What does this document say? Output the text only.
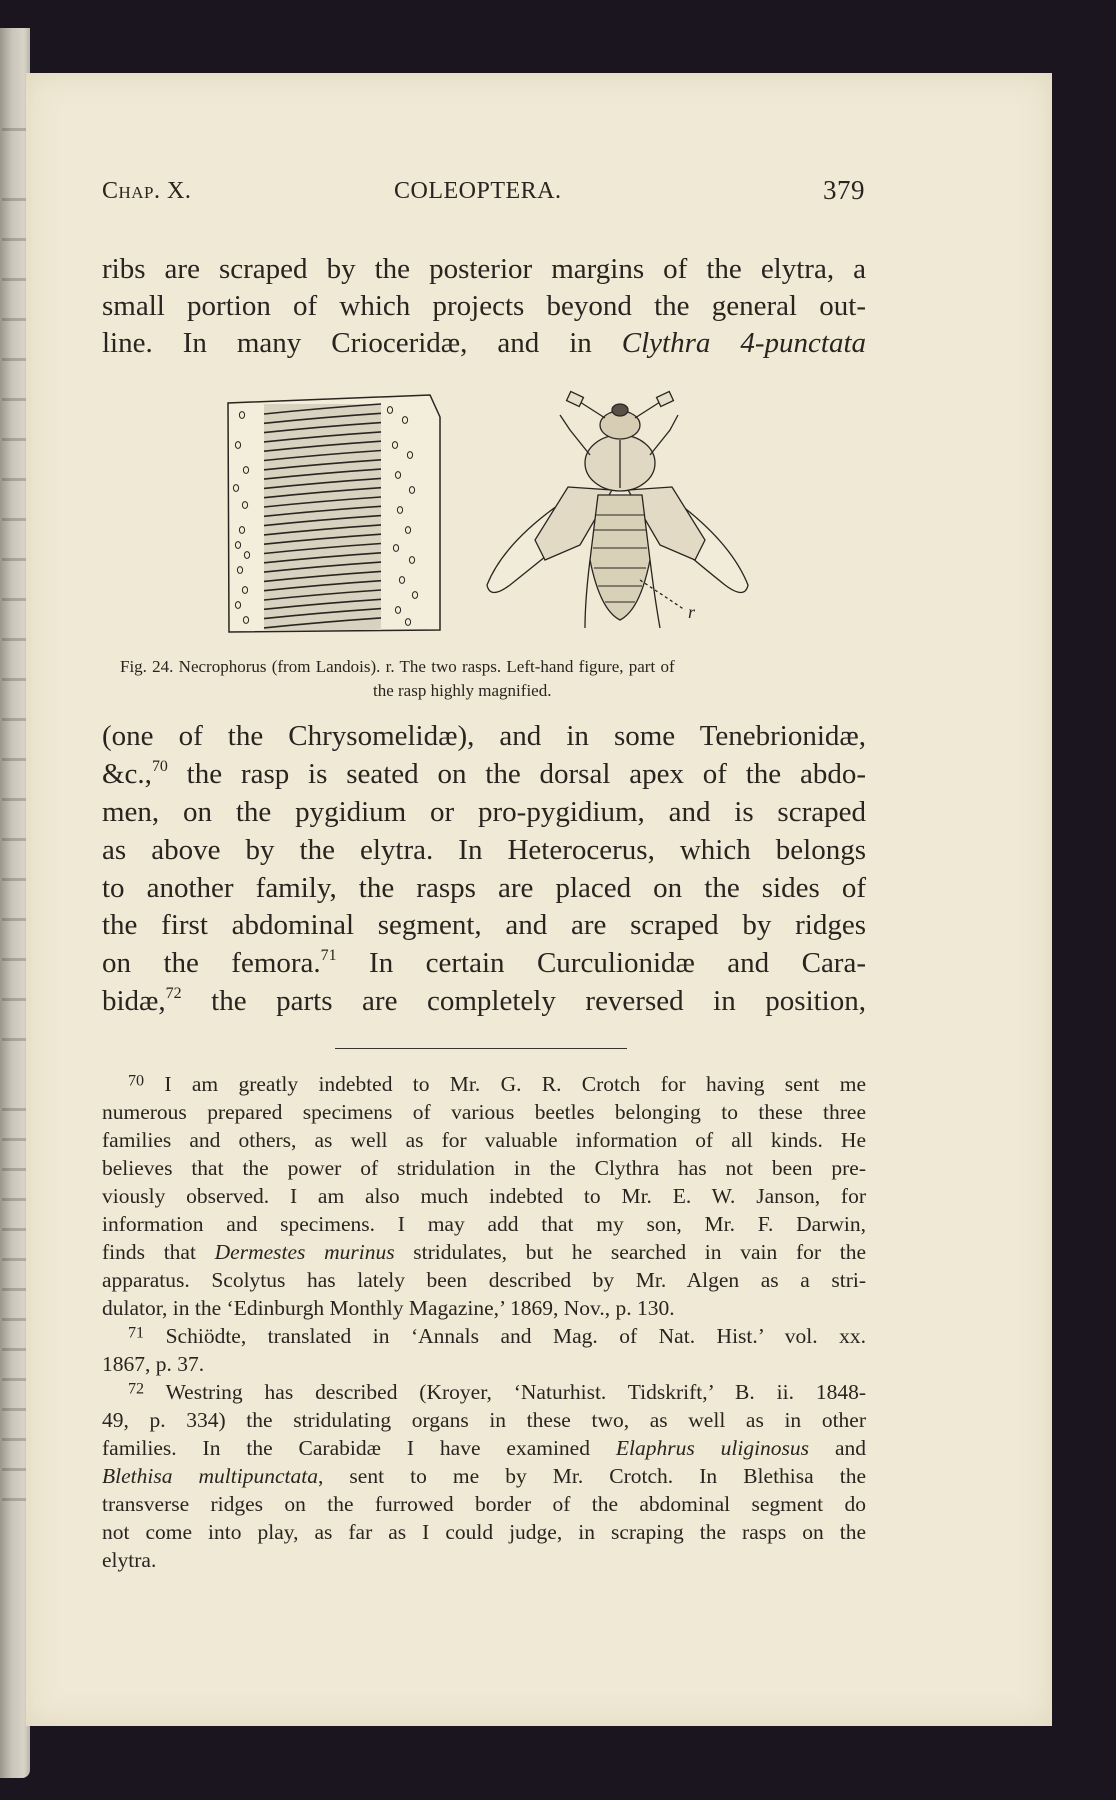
Chap. X.	COLEOPTERA.	379
ribs are scraped by the posterior margins of the elytra, a
small portion of which projects beyond the general out-
line. In many Crioceridæ, and in Clythra 4-punctata
r
Fig. 24. Necrophorus (from Landois). r. The two rasps. Left-hand figure, part of
the rasp highly magnified.
(one of the Chrysomelidæ), and in some Tenebrionidæ,
&c.,$^{70}$ the rasp is seated on the dorsal apex of the abdo-
men, on the pygidium or pro-pygidium, and is scraped
as above by the elytra. In Heterocerus, which belongs
to another family, the rasps are placed on the sides of
the first abdominal segment, and are scraped by ridges
on the femora.$^{71}$ In certain Curculionidæ and Cara-
bidæ,$^{72}$ the parts are completely reversed in position,
$^{70}$ I am greatly indebted to Mr. G. R. Crotch for having sent me
numerous prepared specimens of various beetles belonging to these three
families and others, as well as for valuable information of all kinds. He
believes that the power of stridulation in the Clythra has not been pre-
viously observed. I am also much indebted to Mr. E. W. Janson, for
information and specimens. I may add that my son, Mr. F. Darwin,
finds that Dermestes murinus stridulates, but he searched in vain for the
apparatus. Scolytus has lately been described by Mr. Algen as a stri-
dulator, in the ‘Edinburgh Monthly Magazine,’ 1869, Nov., p. 130.
$^{71}$ Schiödte, translated in ‘Annals and Mag. of Nat. Hist.’ vol. xx.
1867, p. 37.
$^{72}$ Westring has described (Kroyer, ‘Naturhist. Tidskrift,’ B. ii. 1848-
49, p. 334) the stridulating organs in these two, as well as in other
families. In the Carabidæ I have examined Elaphrus uliginosus and
Blethisa multipunctata, sent to me by Mr. Crotch. In Blethisa the
transverse ridges on the furrowed border of the abdominal segment do
not come into play, as far as I could judge, in scraping the rasps on the
elytra.
